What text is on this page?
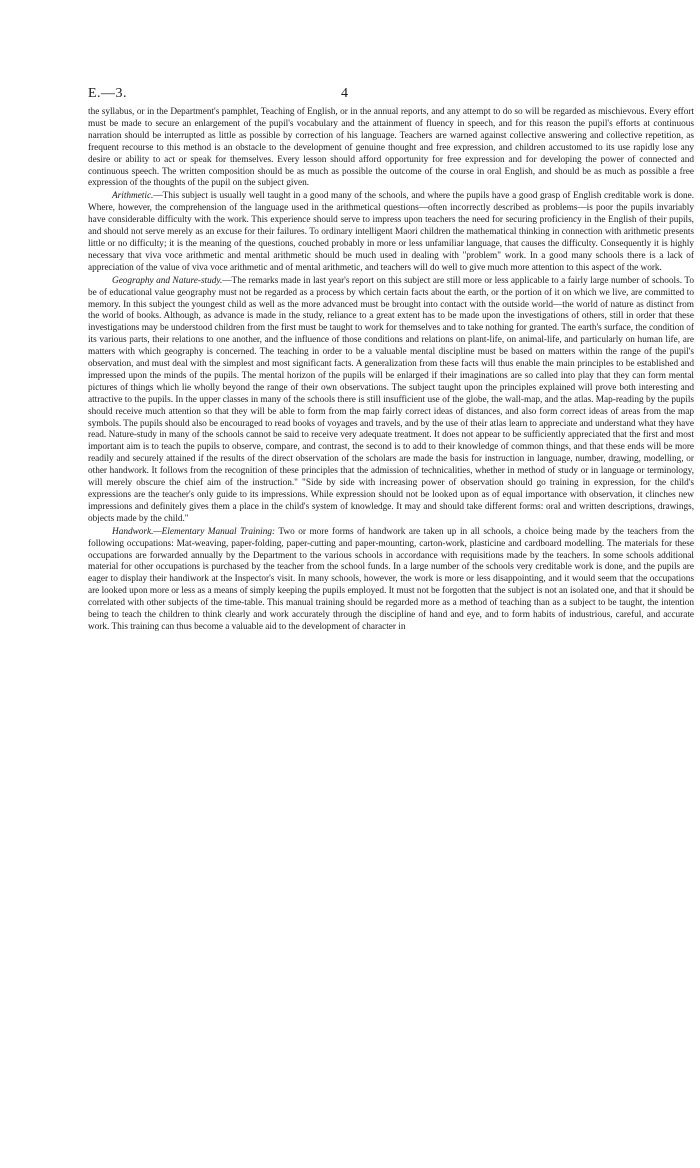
E.—3.	4

the syllabus, or in the Department's pamphlet, Teaching of English, or in the annual reports, and any attempt to do so will be regarded as mischievous. Every effort must be made to secure an enlargement of the pupil's vocabulary and the attainment of fluency in speech, and for this reason the pupil's efforts at continuous narration should be interrupted as little as possible by correction of his language. Teachers are warned against collective answering and collective repetition, as frequent recourse to this method is an obstacle to the development of genuine thought and free expression, and children accustomed to its use rapidly lose any desire or ability to act or speak for themselves. Every lesson should afford opportunity for free expression and for developing the power of connected and continuous speech. The written composition should be as much as possible the outcome of the course in oral English, and should be as much as possible a free expression of the thoughts of the pupil on the subject given.

Arithmetic.—This subject is usually well taught in a good many of the schools, and where the pupils have a good grasp of English creditable work is done. Where, however, the comprehension of the language used in the arithmetical questions—often incorrectly described as problems—is poor the pupils invariably have considerable difficulty with the work. This experience should serve to impress upon teachers the need for securing proficiency in the English of their pupils, and should not serve merely as an excuse for their failures. To ordinary intelligent Maori children the mathematical thinking in connection with arithmetic presents little or no difficulty; it is the meaning of the questions, couched probably in more or less unfamiliar language, that causes the difficulty. Consequently it is highly necessary that viva voce arithmetic and mental arithmetic should be much used in dealing with "problem" work. In a good many schools there is a lack of appreciation of the value of viva voce arithmetic and of mental arithmetic, and teachers will do well to give much more attention to this aspect of the work.

Geography and Nature-study.—The remarks made in last year's report on this subject are still more or less applicable to a fairly large number of schools. To be of educational value geography must not be regarded as a process by which certain facts about the earth, or the portion of it on which we live, are committed to memory. In this subject the youngest child as well as the more advanced must be brought into contact with the outside world—the world of nature as distinct from the world of books. Although, as advance is made in the study, reliance to a great extent has to be made upon the investigations of others, still in order that these investigations may be understood children from the first must be taught to work for themselves and to take nothing for granted. The earth's surface, the condition of its various parts, their relations to one another, and the influence of those conditions and relations on plant-life, on animal-life, and particularly on human life, are matters with which geography is concerned. The teaching in order to be a valuable mental discipline must be based on matters within the range of the pupil's observation, and must deal with the simplest and most significant facts. A generalization from these facts will thus enable the main principles to be established and impressed upon the minds of the pupils. The mental horizon of the pupils will be enlarged if their imaginations are so called into play that they can form mental pictures of things which lie wholly beyond the range of their own observations. The subject taught upon the principles explained will prove both interesting and attractive to the pupils. In the upper classes in many of the schools there is still insufficient use of the globe, the wall-map, and the atlas. Map-reading by the pupils should receive much attention so that they will be able to form from the map fairly correct ideas of distances, and also form correct ideas of areas from the map symbols. The pupils should also be encouraged to read books of voyages and travels, and by the use of their atlas learn to appreciate and understand what they have read. Nature-study in many of the schools cannot be said to receive very adequate treatment. It does not appear to be sufficiently appreciated that the first and most important aim is to teach the pupils to observe, compare, and contrast, the second is to add to their knowledge of common things, and that these ends will be more readily and securely attained if the results of the direct observation of the scholars are made the basis for instruction in language, number, drawing, modelling, or other handwork. It follows from the recognition of these principles that the admission of technicalities, whether in method of study or in language or terminology, will merely obscure the chief aim of the instruction." "Side by side with increasing power of observation should go training in expression, for the child's expressions are the teacher's only guide to its impressions. While expression should not be looked upon as of equal importance with observation, it clinches new impressions and definitely gives them a place in the child's system of knowledge. It may and should take different forms: oral and written descriptions, drawings, objects made by the child."

Handwork.—Elementary Manual Training: Two or more forms of handwork are taken up in all schools, a choice being made by the teachers from the following occupations: Mat-weaving, paper-folding, paper-cutting and paper-mounting, carton-work, plasticine and cardboard modelling. The materials for these occupations are forwarded annually by the Department to the various schools in accordance with requisitions made by the teachers. In some schools additional material for other occupations is purchased by the teacher from the school funds. In a large number of the schools very creditable work is done, and the pupils are eager to display their handiwork at the Inspector's visit. In many schools, however, the work is more or less disappointing, and it would seem that the occupations are looked upon more or less as a means of simply keeping the pupils employed. It must not be forgotten that the subject is not an isolated one, and that it should be correlated with other subjects of the time-table. This manual training should be regarded more as a method of teaching than as a subject to be taught, the intention being to teach the children to think clearly and work accurately through the discipline of hand and eye, and to form habits of industrious, careful, and accurate work. This training can thus become a valuable aid to the development of character in
